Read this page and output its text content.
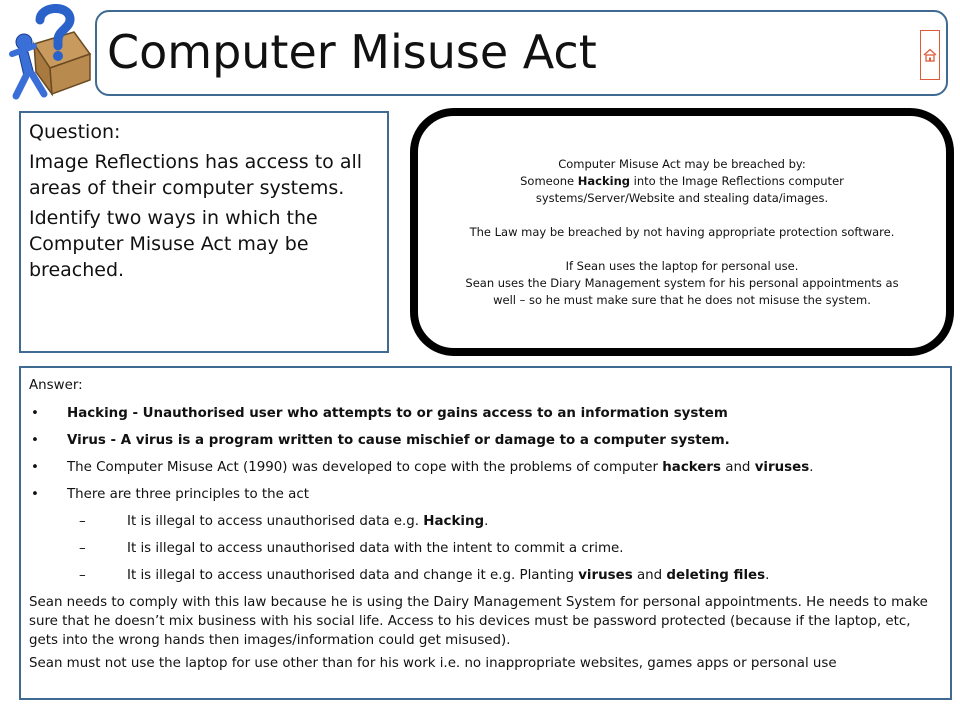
Computer Misuse Act

Question:

Image Reflections has access to all areas of their computer systems.

Identify two ways in which the Computer Misuse Act may be breached.

Computer Misuse Act may be breached by:

Someone Hacking into the Image Reflections computer

systems/Server/Website and stealing data/images.

The Law may be breached by not having appropriate protection software.

If Sean uses the laptop for personal use.

Sean uses the Diary Management system for his personal appointments as

well – so he must make sure that he does not misuse the system.

Answer:
•	Hacking - Unauthorised user who attempts to or gains access to an information system
•	Virus - A virus is a program written to cause mischief or damage to a computer system.
•	The Computer Misuse Act (1990) was developed to cope with the problems of computer hackers and viruses.
•	There are three principles to the act
–	It is illegal to access unauthorised data e.g. Hacking.
–	It is illegal to access unauthorised data with the intent to commit a crime.
–	It is illegal to access unauthorised data and change it e.g. Planting viruses and deleting files.

Sean needs to comply with this law because he is using the Dairy Management System for personal appointments. He needs to make sure that he doesn’t mix business with his social life. Access to his devices must be password protected (because if the laptop, etc, gets into the wrong hands then images/information could get misused).

Sean must not use the laptop for use other than for his work i.e. no inappropriate websites, games apps or personal use
